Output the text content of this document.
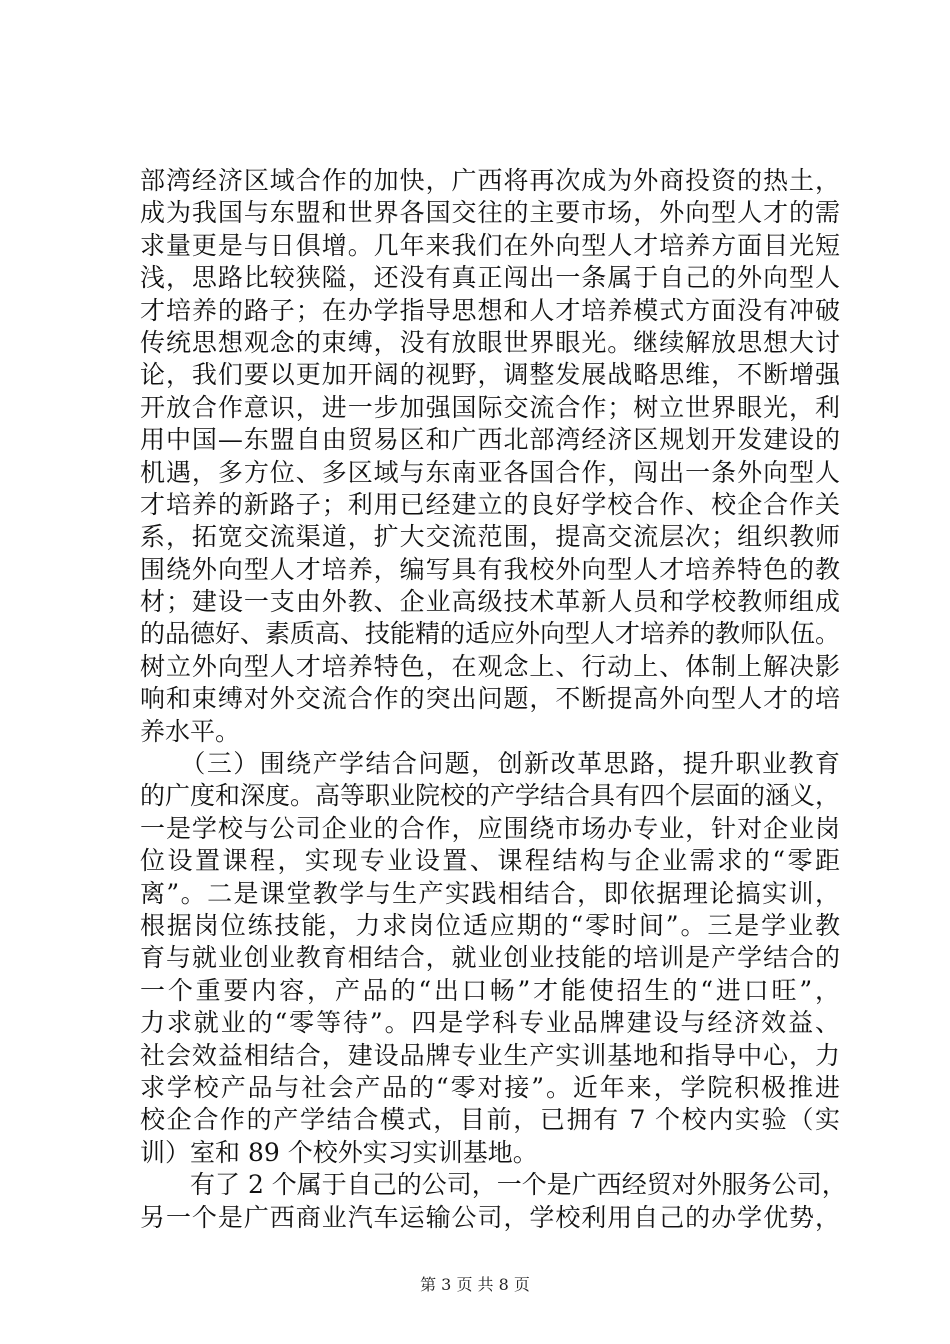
部湾经济区域合作的加快，广西将再次成为外商投资的热土，
成为我国与东盟和世界各国交往的主要市场，外向型人才的需
求量更是与日俱增。几年来我们在外向型人才培养方面目光短
浅，思路比较狭隘，还没有真正闯出一条属于自己的外向型人
才培养的路子；在办学指导思想和人才培养模式方面没有冲破
传统思想观念的束缚，没有放眼世界眼光。继续解放思想大讨
论，我们要以更加开阔的视野，调整发展战略思维，不断增强
开放合作意识，进一步加强国际交流合作；树立世界眼光，利
用中国—东盟自由贸易区和广西北部湾经济区规划开发建设的
机遇，多方位、多区域与东南亚各国合作，闯出一条外向型人
才培养的新路子；利用已经建立的良好学校合作、校企合作关
系，拓宽交流渠道，扩大交流范围，提高交流层次；组织教师
围绕外向型人才培养，编写具有我校外向型人才培养特色的教
材；建设一支由外教、企业高级技术革新人员和学校教师组成
的品德好、素质高、技能精的适应外向型人才培养的教师队伍。
树立外向型人才培养特色，在观念上、行动上、体制上解决影
响和束缚对外交流合作的突出问题，不断提高外向型人才的培
养水平。
　　（三）围绕产学结合问题，创新改革思路，提升职业教育
的广度和深度。高等职业院校的产学结合具有四个层面的涵义，
一是学校与公司企业的合作，应围绕市场办专业，针对企业岗
位设置课程，实现专业设置、课程结构与企业需求的“零距
离”。二是课堂教学与生产实践相结合，即依据理论搞实训，
根据岗位练技能，力求岗位适应期的“零时间”。三是学业教
育与就业创业教育相结合，就业创业技能的培训是产学结合的
一个重要内容，产品的“出口畅”才能使招生的“进口旺”，
力求就业的“零等待”。四是学科专业品牌建设与经济效益、
社会效益相结合，建设品牌专业生产实训基地和指导中心，力
求学校产品与社会产品的“零对接”。近年来，学院积极推进
校企合作的产学结合模式，目前，已拥有 7 个校内实验（实
训）室和 89 个校外实习实训基地。
　　有了 2 个属于自己的公司，一个是广西经贸对外服务公司，
另一个是广西商业汽车运输公司，学校利用自己的办学优势，
第 3 页 共 8 页
